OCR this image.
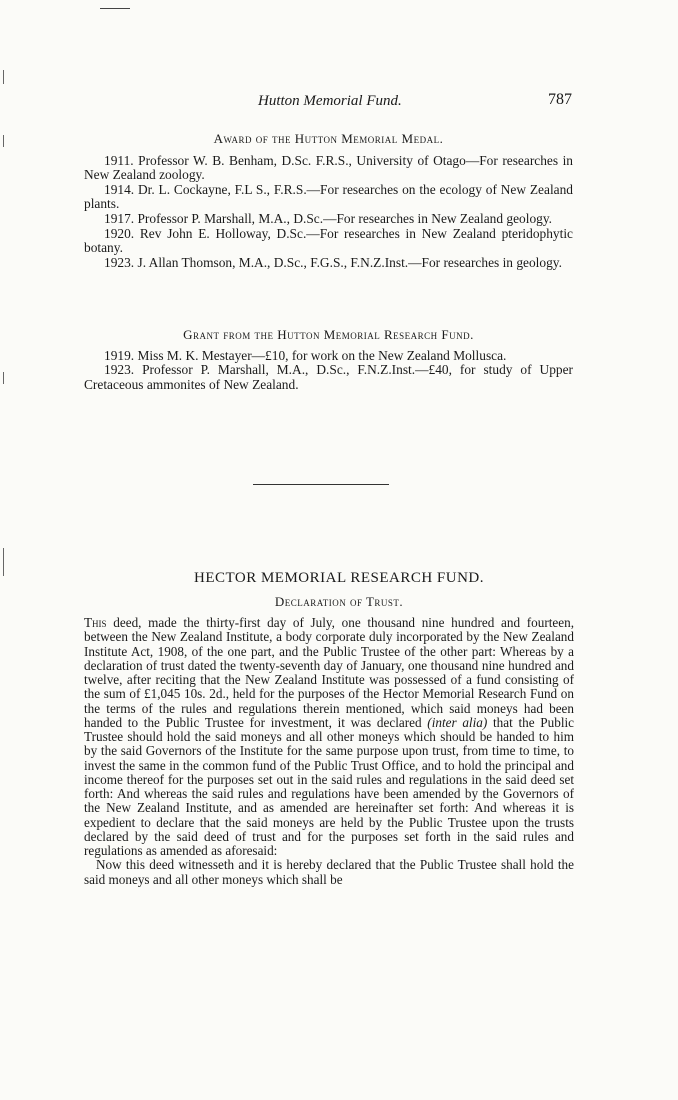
Hutton Memorial Fund.	787
Award of the Hutton Memorial Medal.

1911. Professor W. B. Benham, D.Sc. F.R.S., University of Otago—For researches in New Zealand zoology.

1914. Dr. L. Cockayne, F.L S., F.R.S.—For researches on the ecology of New Zealand plants.

1917. Professor P. Marshall, M.A., D.Sc.—For researches in New Zealand geology.

1920. Rev John E. Holloway, D.Sc.—For researches in New Zealand pteridophytic botany.

1923. J. Allan Thomson, M.A., D.Sc., F.G.S., F.N.Z.Inst.—For researches in geology.

Grant from the Hutton Memorial Research Fund.

1919. Miss M. K. Mestayer—£10, for work on the New Zealand Mollusca.

1923. Professor P. Marshall, M.A., D.Sc., F.N.Z.Inst.—£40, for study of Upper Cretaceous ammonites of New Zealand.

HECTOR MEMORIAL RESEARCH FUND.
Declaration of Trust.

This deed, made the thirty-first day of July, one thousand nine hundred and fourteen, between the New Zealand Institute, a body corporate duly incorporated by the New Zealand Institute Act, 1908, of the one part, and the Public Trustee of the other part: Whereas by a declaration of trust dated the twenty-seventh day of January, one thousand nine hundred and twelve, after reciting that the New Zealand Institute was possessed of a fund consisting of the sum of £1,045 10s. 2d., held for the purposes of the Hector Memorial Research Fund on the terms of the rules and regulations therein mentioned, which said moneys had been handed to the Public Trustee for investment, it was declared (inter alia) that the Public Trustee should hold the said moneys and all other moneys which should be handed to him by the said Governors of the Institute for the same purpose upon trust, from time to time, to invest the same in the common fund of the Public Trust Office, and to hold the principal and income thereof for the purposes set out in the said rules and regulations in the said deed set forth: And whereas the said rules and regulations have been amended by the Governors of the New Zealand Institute, and as amended are hereinafter set forth: And whereas it is expedient to declare that the said moneys are held by the Public Trustee upon the trusts declared by the said deed of trust and for the purposes set forth in the said rules and regulations as amended as aforesaid:

Now this deed witnesseth and it is hereby declared that the Public Trustee shall hold the said moneys and all other moneys which shall be
